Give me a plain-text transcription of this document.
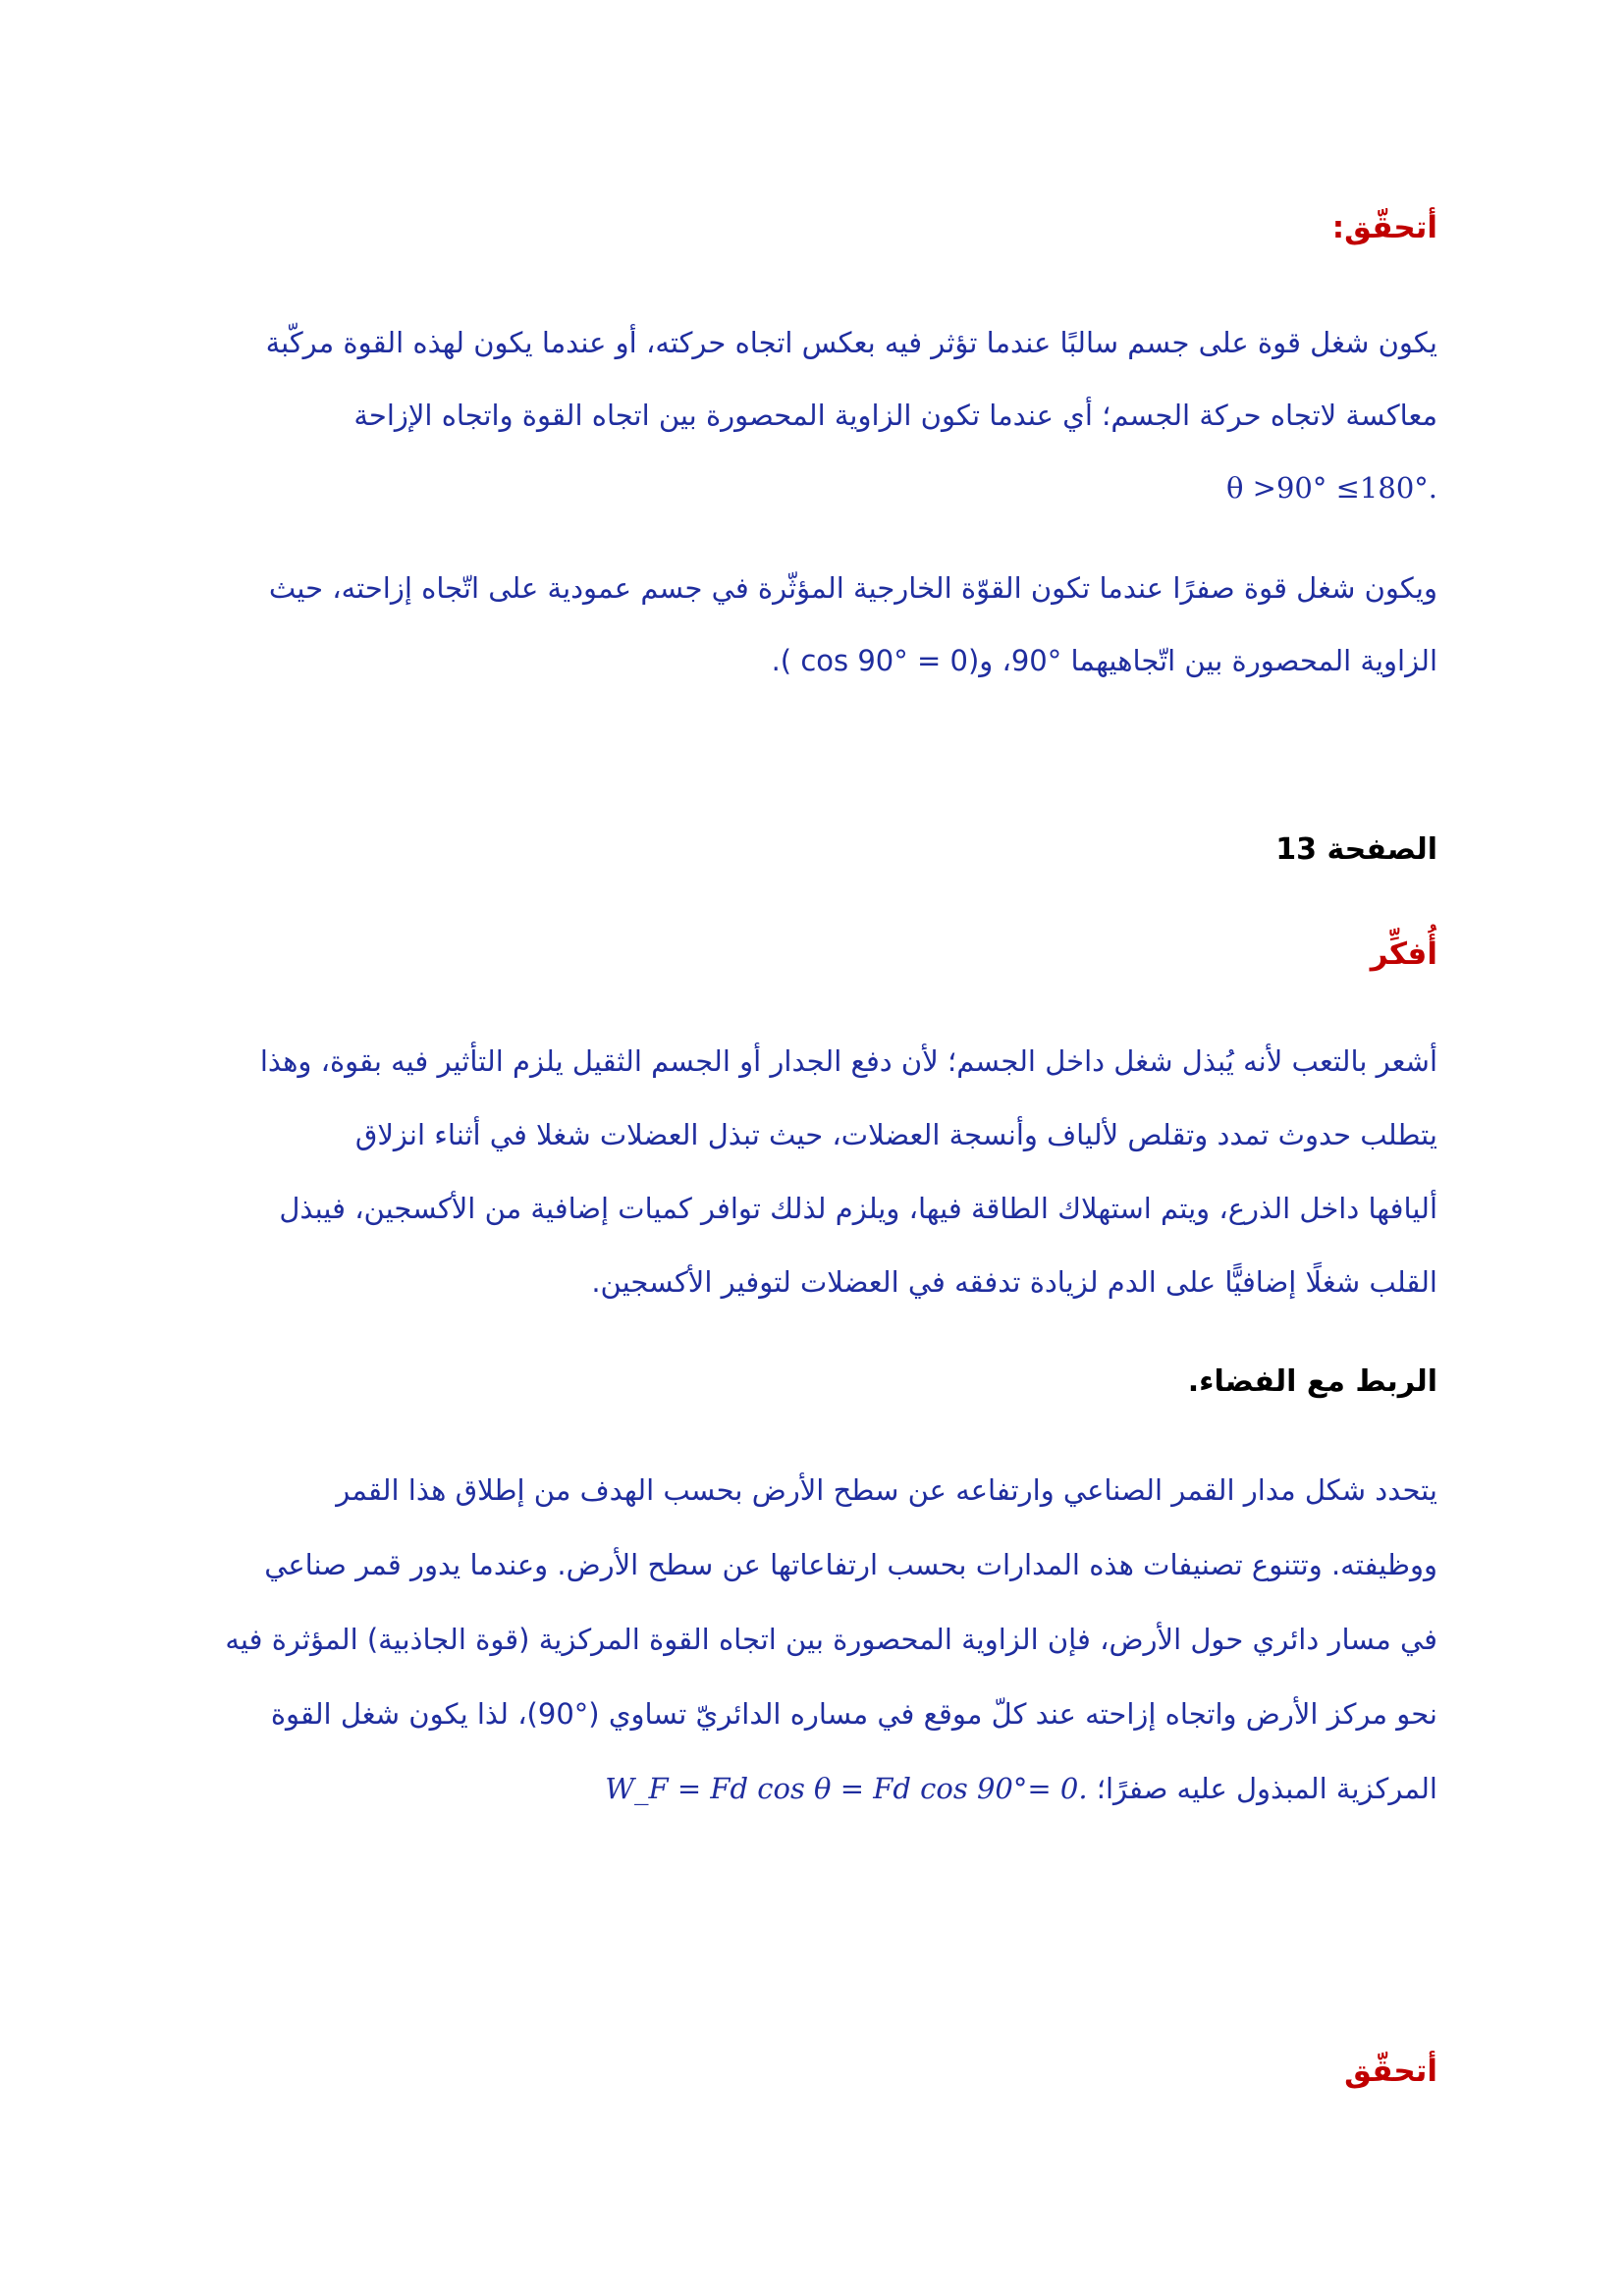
أتحقّق:
يكون شغل قوة على جسم سالبًا عندما تؤثر فيه بعكس اتجاه حركته، أو عندما يكون لهذه القوة مركّبة
معاكسة لاتجاه حركة الجسم؛ أي عندما تكون الزاوية المحصورة بين اتجاه القوة واتجاه الإزاحة
.180°≥ θ >90°
ويكون شغل قوة صفرًا عندما تكون القوّة الخارجية المؤثّرة في جسم عمودية على اتّجاه إزاحته، حيث
الزاوية المحصورة بين اتّجاهيهما °90، و(cos 90° = 0 ).
الصفحة 13
أُفكِّر
أشعر بالتعب لأنه يُبذل شغل داخل الجسم؛ لأن دفع الجدار أو الجسم الثقيل يلزم التأثير فيه بقوة، وهذا
يتطلب حدوث تمدد وتقلص لألياف وأنسجة العضلات، حيث تبذل العضلات شغلا في أثناء انزلاق
أليافها داخل الذرع، ويتم استهلاك الطاقة فيها، ويلزم لذلك توافر كميات إضافية من الأكسجين، فيبذل
القلب شغلًا إضافيًّا على الدم لزيادة تدفقه في العضلات لتوفير الأكسجين.
الربط مع الفضاء.
يتحدد شكل مدار القمر الصناعي وارتفاعه عن سطح الأرض بحسب الهدف من إطلاق هذا القمر
ووظيفته. وتتنوع تصنيفات هذه المدارات بحسب ارتفاعاتها عن سطح الأرض. وعندما يدور قمر صناعي
في مسار دائري حول الأرض، فإن الزاوية المحصورة بين اتجاه القوة المركزية (قوة الجاذبية) المؤثرة فيه
نحو مركز الأرض واتجاه إزاحته عند كلّ موقع في مساره الدائريّ تساوي (°90)، لذا يكون شغل القوة
المركزية المبذول عليه صفرًا؛ W_F = Fd cos θ = Fd cos 90°= 0.
أتحقّق
